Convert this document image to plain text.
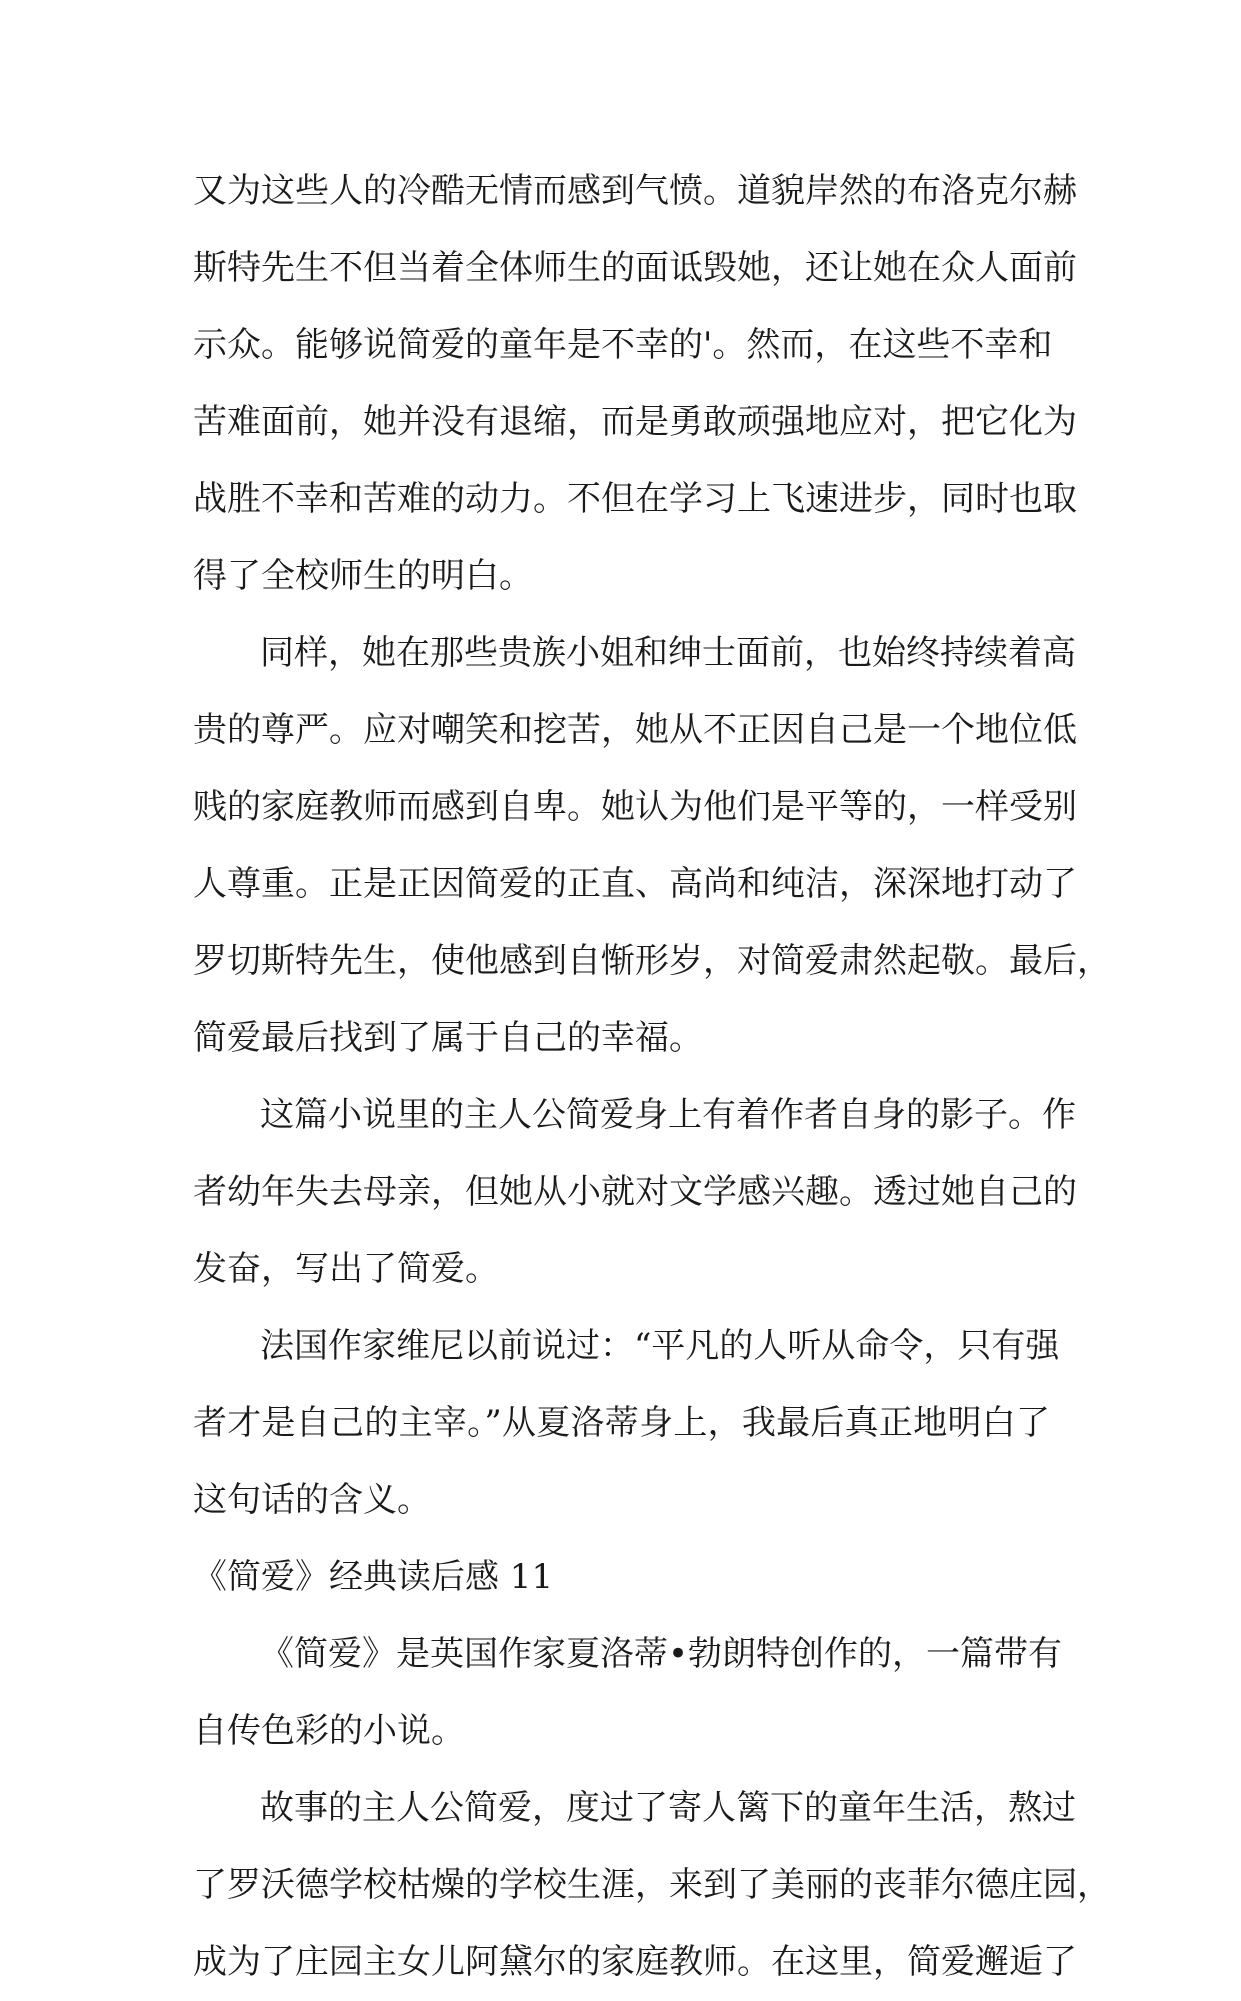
又为这些人的冷酷无情而感到气愤。道貌岸然的布洛克尔赫
斯特先生不但当着全体师生的面诋毁她，还让她在众人面前
示众。能够说简爱的童年是不幸的'。然而，在这些不幸和
苦难面前，她并没有退缩，而是勇敢顽强地应对，把它化为
战胜不幸和苦难的动力。不但在学习上飞速进步，同时也取
得了全校师生的明白。
同样，她在那些贵族小姐和绅士面前，也始终持续着高
贵的尊严。应对嘲笑和挖苦，她从不正因自己是一个地位低
贱的家庭教师而感到自卑。她认为他们是平等的，一样受别
人尊重。正是正因简爱的正直、高尚和纯洁，深深地打动了
罗切斯特先生，使他感到自惭形岁，对简爱肃然起敬。最后，
简爱最后找到了属于自己的幸福。
这篇小说里的主人公简爱身上有着作者自身的影子。作
者幼年失去母亲，但她从小就对文学感兴趣。透过她自己的
发奋，写出了简爱。
法国作家维尼以前说过：“平凡的人听从命令，只有强
者才是自己的主宰。”从夏洛蒂身上，我最后真正地明白了
这句话的含义。
《简爱》经典读后感 11
《简爱》是英国作家夏洛蒂•勃朗特创作的，一篇带有
自传色彩的小说。
故事的主人公简爱，度过了寄人篱下的童年生活，熬过
了罗沃德学校枯燥的学校生涯，来到了美丽的丧菲尔德庄园，
成为了庄园主女儿阿黛尔的家庭教师。在这里，简爱邂逅了
